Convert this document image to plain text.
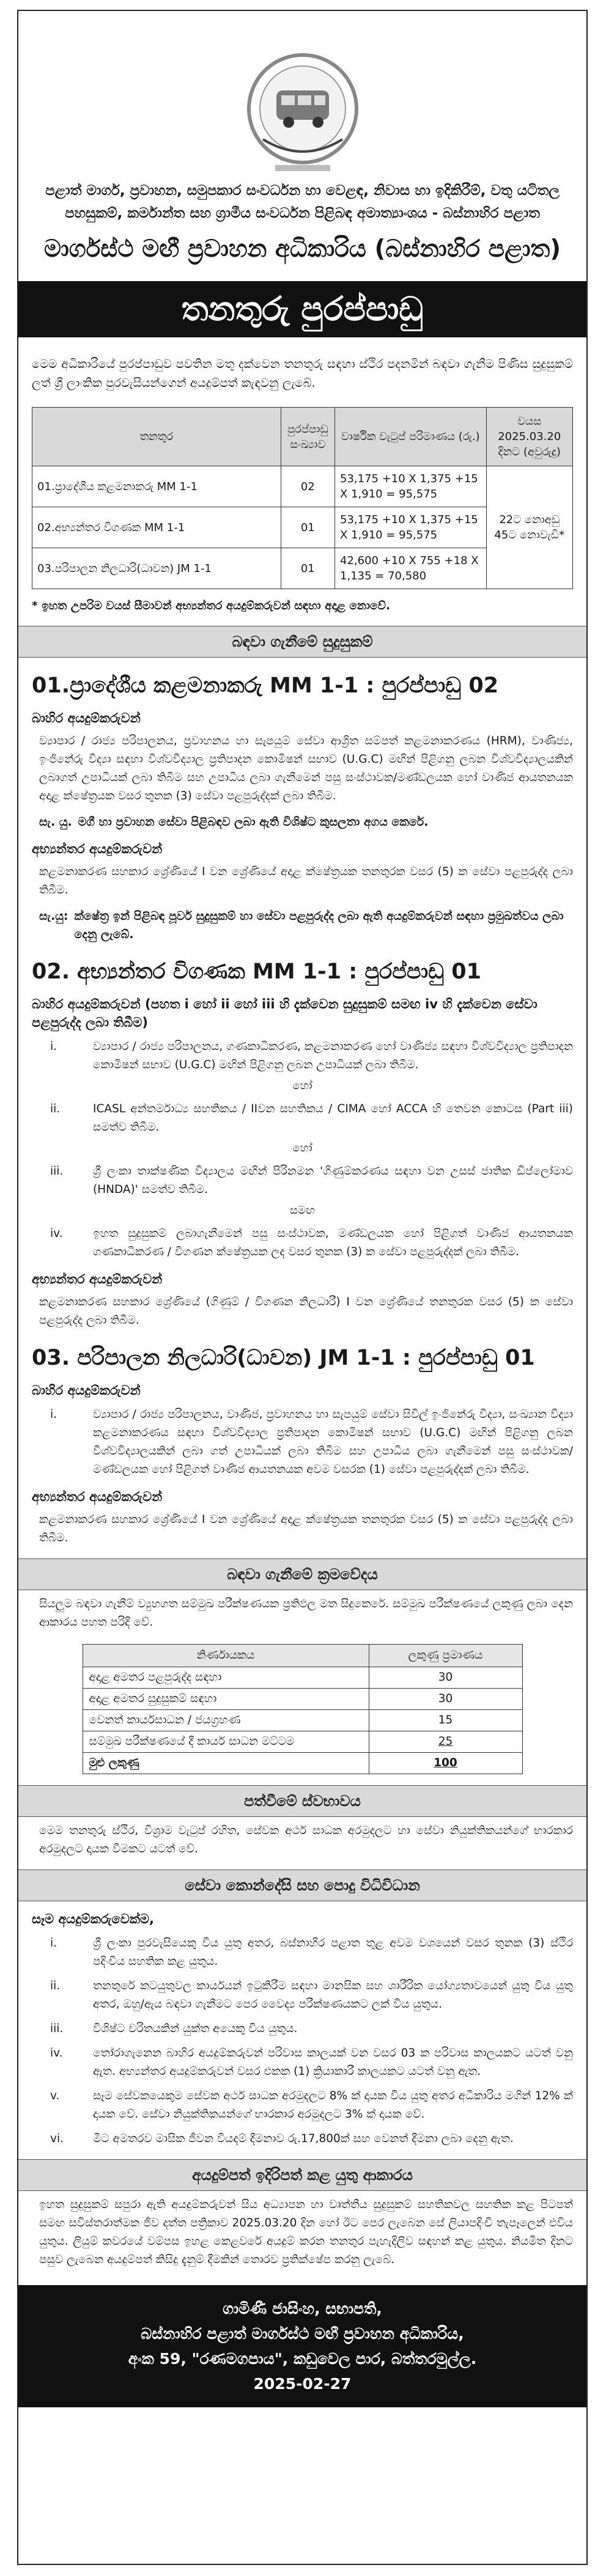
පළාත් මාර්ග, ප්‍රවාහන, සමුපකාර සංවර්ධන හා වෙළඳ, නිවාස හා ඉදිකිරීම්, වතු යටිතල පහසුකම්, කර්මාන්ත සහ ග්‍රාමීය සංවර්ධන පිළිබඳ අමාත්‍යාංශය - බස්නාහිර පළාත
මාර්ගස්ථ මඟී ප්‍රවාහන අධිකාරිය (බස්නාහිර පළාත)
තනතුරු පුරප්පාඩු
මෙම අධිකාරියේ පුරප්පාඩුව පවතින මතු දක්වෙන තනතුරු සඳහා ස්ථිර පදනමින් බඳවා ගැනීම පිණිස සුදුසුකම් ලත් ශ්‍රී ලාංකික පුරවැසියන්ගෙන් අයදුම්පත් කැඳවනු ලැබේ.
තනතුර	පුරප්පාඩු සංඛ්‍යාව	වාර්ෂික වැටුප් පරිමාණය (රු.)	වයස 2025.03.20 දිනට (අවුරුදු)
01.ප්‍රාදේශීය කළමනාකරු MM 1-1	02	53,175 +10 X 1,375 +15 X 1,910 = 95,575	22ට නොඅඩු 45ට නොවැඩි*
02.අභ්‍යන්තර විගණක MM 1-1	01	53,175 +10 X 1,375 +15 X 1,910 = 95,575	
03.පරිපාලන නිලධාරි(ධාවන) JM 1-1	01	42,600 +10 X 755 +18 X 1,135 = 70,580	
* ඉහත උපරිම වයස් සීමාවන් අභ්‍යන්තර අයදුම්කරුවන් සඳහා අදාළ නොවේ.
බඳවා ගැනීමේ සුදුසුකම්
01.ප්‍රාදේශීය කළමනාකරු MM 1-1 : පුරප්පාඩු 02
බාහිර අයදුම්කරුවන්
ව්‍යාපාර / රාජ්‍ය පරිපාලනය, ප්‍රවාහනය හා සැපයුම් සේවා ආශ්‍රිත සම්පත් කළමනාකරණය (HRM), වාණිජ්‍ය, ඉංජිනේරු විද්‍යා සඳහා විශ්වවිද්‍යාල ප්‍රතිපාදන කොමිෂන් සභාව (U.G.C) මඟින් පිළිගනු ලබන විශ්වවිද්‍යාලයකින් ලබාගත් උපාධියක් ලබා තිබීම සහ උපාධිය ලබා ගැනීමෙන් පසු සංස්ථාවක/මණ්ඩලයක හෝ වාණිජ ආයතනයක අදාළ ක්ෂේත්‍රයක වසර තුනක (3) සේවා පළපුරුද්දක් ලබා තිබීම.
සැ. යු. මගී හා ප්‍රවාහන සේවා පිළිබඳව ලබා ඇති විශිෂ්ට කුසලතා අගය කෙරේ.
අභ්‍යන්තර අයදුම්කරුවන්
කළමනාකරණ සහකාර ශ්‍රේණියේ I වන ශ්‍රේණියේ අදාළ ක්ෂේත්‍රයක තනතුරක වසර (5) ක සේවා පළපුරුද්ද ලබා තිබීම.
සැ.යු: ක්ෂේත්‍ර ඉන් පිළිබඳ පූර්ව සුදුසුකම් හා සේවා පළපුරුද්ද ලබා ඇති අයදුම්කරුවන් සඳහා ප්‍රමුඛත්වය ලබා දෙනු ලැබේ.
02. අභ්‍යන්තර විගණක MM 1-1 : පුරප්පාඩු 01
බාහිර අයදුම්කරුවන් (පහත i හෝ ii හෝ iii හි දැක්වෙන සුදුසුකම් සමඟ iv හි දැක්වෙන සේවා පළපුරුද්ද ලබා තිබීම)
i.	ව්‍යාපාර / රාජ්‍ය පරිපාලනය, ගණකාධිකරණ, කළමනාකරණ හෝ වාණිජ්‍ය සඳහා විශ්වවිද්‍යාල ප්‍රතිපාදන කොමිෂන් සභාව (U.G.C) මඟින් පිළිගනු ලබන උපාධියක් ලබා තිබීම.
හෝ
ii.	ICASL අන්තර්මාධ්‍ය සහතිකය / IIවන සහතිකය / CIMA හෝ ACCA හි තෙවන කොටස (Part iii) සමත්ව තිබීම.
හෝ
iii.	ශ්‍රී ලංකා තාක්ෂණික විද්‍යාලය මඟින් පිරිනමන 'ගිණුම්කරණය සඳහා වන උසස් ජාතික ඩිප්ලෝමාව (HNDA)' සමත්ව තිබීම.
සමඟ
iv.	ඉහත සුදුසුකම් ලබාගැනීමෙන් පසු සංස්ථාවක, මණ්ඩලයක හෝ පිළිගත් වාණිජ ආයතනයක ගණකාධිකරණ / විගණන ක්ෂේත්‍රයක ලද වසර තුනක (3) ක සේවා පළපුරුද්දක් ලබා තිබීම.
අභ්‍යන්තර අයදුම්කරුවන්
කළමනාකරණ සහකාර ශ්‍රේණියේ (ගිණුම් / විගණන නිලධාරී) I වන ශ්‍රේණියේ තනතුරක වසර (5) ක සේවා පළපුරුද්ද ලබා තිබීම.
03. පරිපාලන නිලධාරි(ධාවන) JM 1-1 : පුරප්පාඩු 01
බාහිර අයදුම්කරුවන්
i.	ව්‍යාපාර / රාජ්‍ය පරිපාලනය, වාණිජ, ප්‍රවාහනය හා සැපයුම් සේවා සිවිල් ඉංජිනේරු විද්‍යා, සංඛ්‍යාන විද්‍යා කළමනාකරණය සඳහා විශ්වවිද්‍යාල ප්‍රතිපාදන කොමිෂන් සභාව (U.G.C) මඟින් පිළිගනු ලබන විශ්වවිද්‍යාලයකින් ලබා ගත් උපාධියක් ලබා තිබීම සහ උපාධිය ලබා ගැනීමෙන් පසු සංස්ථාවක/මණ්ඩලයක හෝ පිළිගත් වාණිජ ආයතනයක අවම වසරක (1) සේවා පළපුරුද්දක් ලබා තිබීම.
අභ්‍යන්තර අයදුම්කරුවන්
කළමනාකරණ සහකාර ශ්‍රේණියේ I වන ශ්‍රේණියේ අදාළ ක්ෂේත්‍රයක තනතුරක වසර (5) ක සේවා පළපුරුද්ද ලබා තිබීම.
බඳවා ගැනීමේ ක්‍රමවේදය
සියලුම බඳවා ගැනීම් ව්‍යුහගත සම්මුඛ පරීක්ෂණයක ප්‍රතිඵල මත සිදුකෙරේ. සම්මුඛ පරීක්ෂණයේ ලකුණු ලබා දෙන ආකාරය පහත පරිදි වේ.
නිර්ණායකය	ලකුණු ප්‍රමාණය
අදාළ අමතර පළපුරුද්ද සඳහා	30
අදාළ අමතර සුදුසුකම් සඳහා	30
වෙනත් කාර්යසාධන / ජයග්‍රහණ	15
සම්මුඛ පරීක්ෂණයේ දී කාර්ය සාධන මට්ටම	25
මුළු ලකුණු	100
පත්වීමේ ස්වභාවය
මෙම තනතුරු ස්ථිර, විශ්‍රාම වැටුප් රහිත, සේවක අර්ථ සාධක අරමුදලට හා සේවා නියුක්තිකයන්ගේ භාරකාර අරමුදලට දායක වීමකට යටත් වේ.
සේවා කොන්දේසි සහ පොදු විධිවිධාන
සෑම අයදුම්කරුවෙක්ම,
i.	ශ්‍රී ලංකා පුරවැසියෙකු විය යුතු අතර, බස්නාහිර පළාත තුළ අවම වශයෙන් වසර තුනක (3) ස්ථිර පදිංචිය සහතික කළ යුතුය.
ii.	තනතුරේ කටයුතුවල කාර්යයන් ඉටුකිරීම සඳහා මානසික සහ ශාරීරික යෝග්‍යතාවයෙන් යුතු විය යුතු අතර, ඔහු/ඇය බඳවා ගැනීමට පෙර වෛද්‍ය පරීක්ෂණයකට ලක් විය යුතුය.
iii.	විශිෂ්ට චරිතයකින් යුක්ත අයෙකු විය යුතුය.
iv.	තෝරාගැනෙන බාහිර අයදුම්කරුවන් පරිවාස කාලයක් වන වසර 03 ක පරිවාස කාලයකට යටත් වනු ඇත. අභ්‍යන්තර අයදුම්කරුවන් වසර එකක (1) ක්‍රියාකාරී කාලයකට යටත් වනු ඇත.
v.	සෑම සේවකයෙකුම සේවක අර්ථ සාධක අරමුදලට 8% ක් දායක විය යුතු අතර අධිකාරිය මගින් 12% ක් දායක වේ. සේවා නියුක්තිකයන්ගේ භාරකාර අරමුදලට 3% ක් දායක වේ.
vi.	මීට අමතරව මාසික ජීවන වියදම් දීමනාව රු.17,800ක් සහ වෙනත් දීමනා ලබා දෙනු ඇත.
අයදුම්පත් ඉදිරිපත් කළ යුතු ආකාරය
ඉහත සුදුසුකම් සපුරා ඇති අයදුම්කරුවන් සිය අධ්‍යාපන හා වෘත්තීය සුදුසුකම් සහතිකවල සහතික කළ පිටපත් සමඟ සවිස්තරාත්මක ජීව දත්ත පත්‍රිකාව 2025.03.20 දින හෝ ඊට පෙර ලැබෙන සේ ලියාපදිංචි තැපෑලෙන් එවිය යුතුය. ලියුම් කවරයේ වම්පස ඉහළ කෙළවරේ අයදුම් කරන තනතුර පැහැදිලිව සඳහන් කළ යුතුය. නියමිත දිනට පසුව ලැබෙන අයදුම්පත් කිසිදු දැනුම් දීමකින් තොරව ප්‍රතික්ෂේප කරනු ලැබේ.
ගාමිණී ජාසිංහ, සභාපති,
බස්නාහිර පළාත් මාර්ගස්ථ මඟී ප්‍රවාහන අධිකාරිය,
අංක 59, "රණමගපාය", කඩුවෙල පාර, බත්තරමුල්ල.
2025-02-27
